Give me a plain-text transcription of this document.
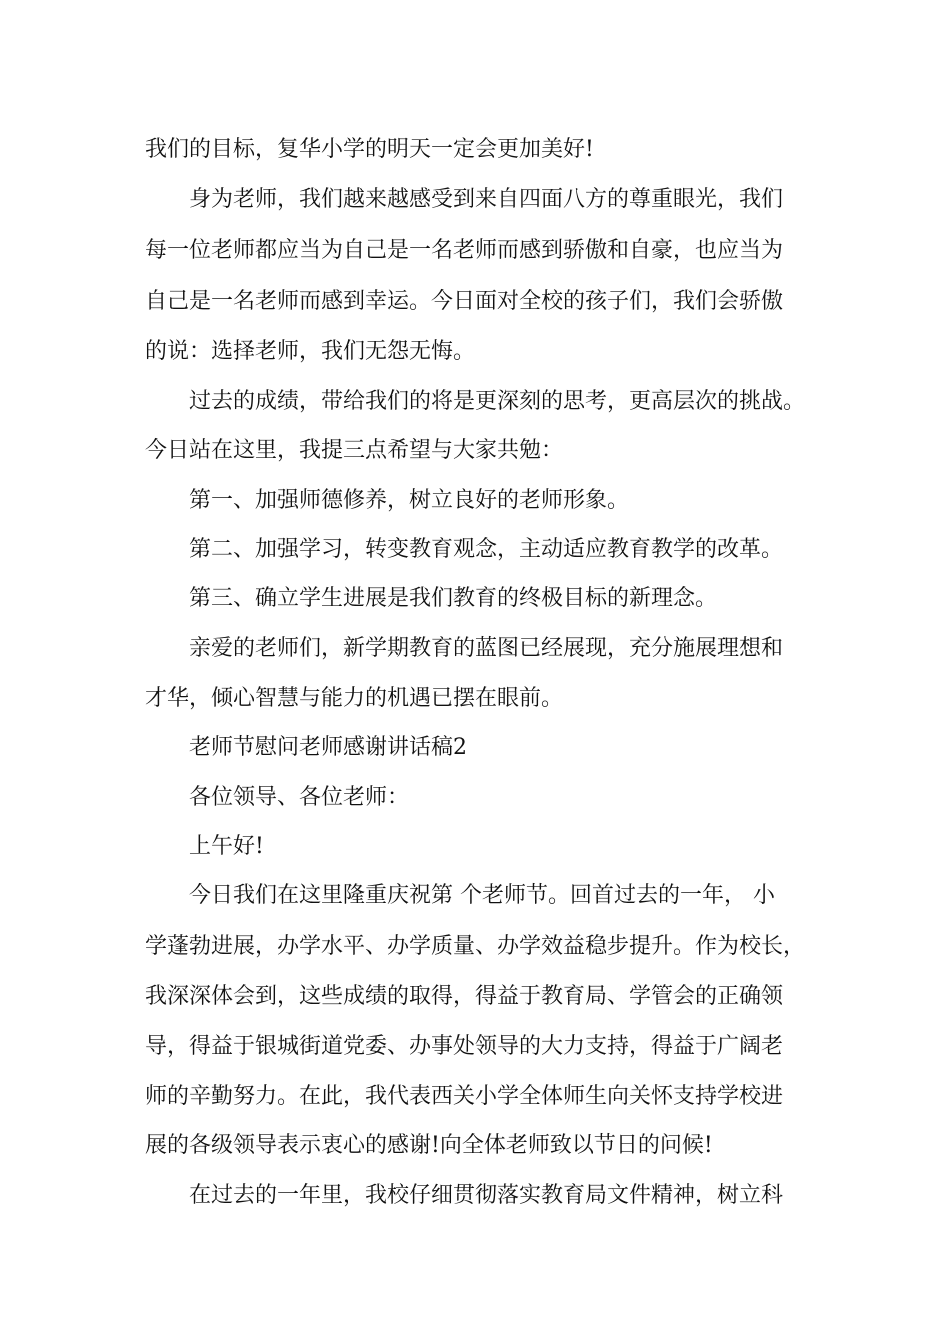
我们的目标，复华小学的明天一定会更加美好!
身为老师，我们越来越感受到来自四面八方的尊重眼光，我们
每一位老师都应当为自己是一名老师而感到骄傲和自豪，也应当为
自己是一名老师而感到幸运。今日面对全校的孩子们，我们会骄傲
的说：选择老师，我们无怨无悔。
过去的成绩，带给我们的将是更深刻的思考，更高层次的挑战。
今日站在这里，我提三点希望与大家共勉：
第一、加强师德修养，树立良好的老师形象。
第二、加强学习，转变教育观念，主动适应教育教学的改革。
第三、确立学生进展是我们教育的终极目标的新理念。
亲爱的老师们，新学期教育的蓝图已经展现，充分施展理想和
才华，倾心智慧与能力的机遇已摆在眼前。
老师节慰问老师感谢讲话稿2
各位领导、各位老师：
上午好!
今日我们在这里隆重庆祝第 个老师节。回首过去的一年， 小
学蓬勃进展，办学水平、办学质量、办学效益稳步提升。作为校长，
我深深体会到，这些成绩的取得，得益于教育局、学管会的正确领
导，得益于银城街道党委、办事处领导的大力支持，得益于广阔老
师的辛勤努力。在此，我代表西关小学全体师生向关怀支持学校进
展的各级领导表示衷心的感谢!向全体老师致以节日的问候!
在过去的一年里，我校仔细贯彻落实教育局文件精神，树立科
